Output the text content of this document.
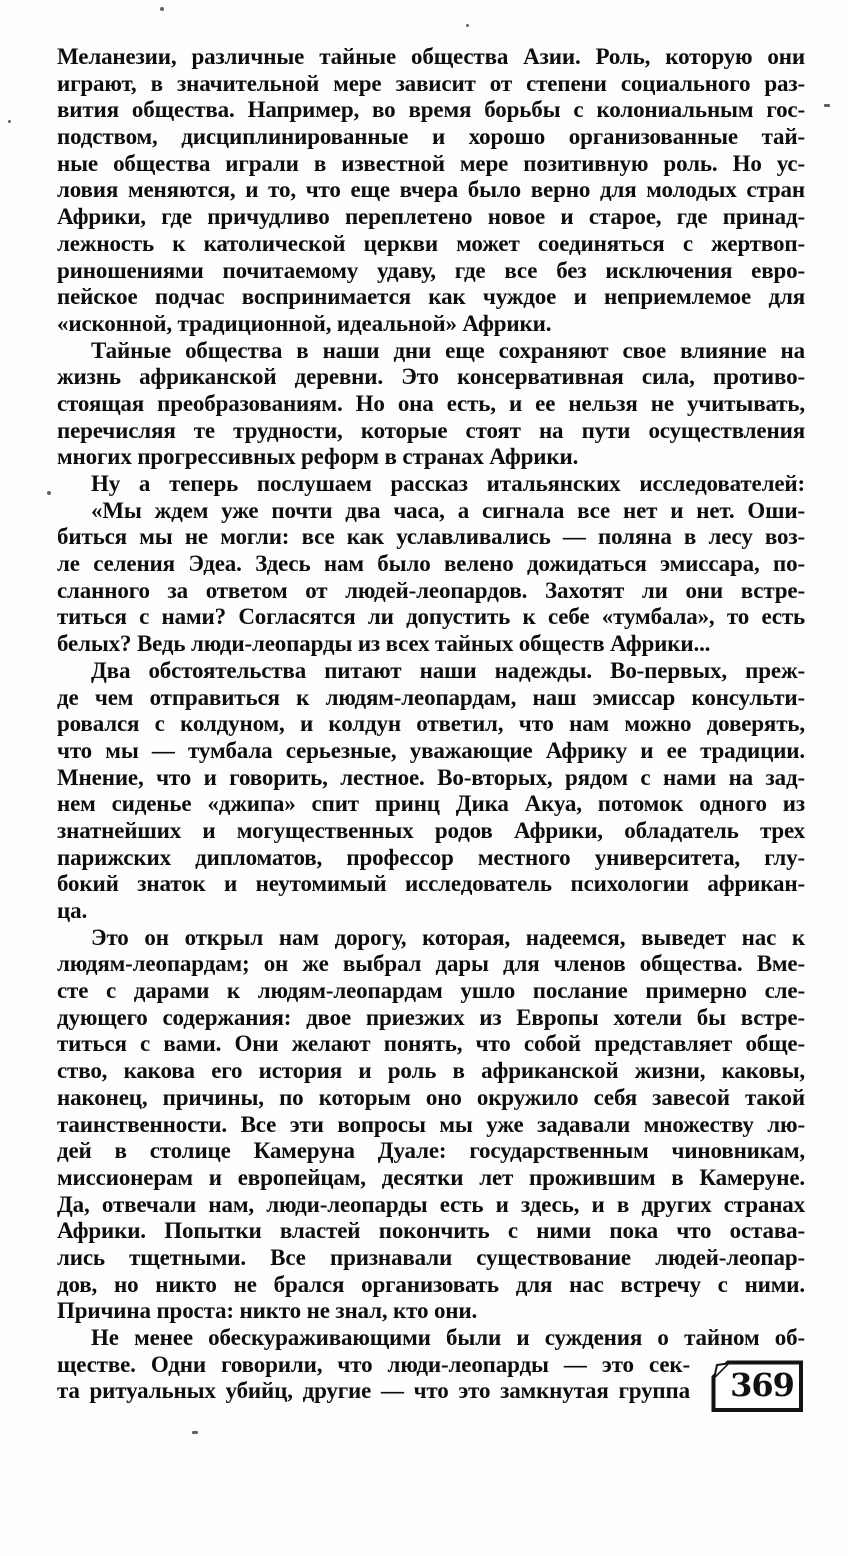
Меланезии, различные тайные общества Азии. Роль, которую они
играют, в значительной мере зависит от степени социального раз-
вития общества. Например, во время борьбы с колониальным гос-
подством, дисциплинированные и хорошо организованные тай-
ные общества играли в известной мере позитивную роль. Но ус-
ловия меняются, и то, что еще вчера было верно для молодых стран
Африки, где причудливо переплетено новое и старое, где принад-
лежность к католической церкви может соединяться с жертвоп-
риношениями почитаемому удаву, где все без исключения евро-
пейское подчас воспринимается как чуждое и неприемлемое для
«исконной, традиционной, идеальной» Африки.
Тайные общества в наши дни еще сохраняют свое влияние на
жизнь африканской деревни. Это консервативная сила, противо-
стоящая преобразованиям. Но она есть, и ее нельзя не учитывать,
перечисляя те трудности, которые стоят на пути осуществления
многих прогрессивных реформ в странах Африки.
Ну а теперь послушаем рассказ итальянских исследователей:
«Мы ждем уже почти два часа, а сигнала все нет и нет. Оши-
биться мы не могли: все как уславливались — поляна в лесу воз-
ле селения Эдеа. Здесь нам было велено дожидаться эмиссара, по-
сланного за ответом от людей-леопардов. Захотят ли они встре-
титься с нами? Согласятся ли допустить к себе «тумбала», то есть
белых? Ведь люди-леопарды из всех тайных обществ Африки...
Два обстоятельства питают наши надежды. Во-первых, преж-
де чем отправиться к людям-леопардам, наш эмиссар консульти-
ровался с колдуном, и колдун ответил, что нам можно доверять,
что мы — тумбала серьезные, уважающие Африку и ее традиции.
Мнение, что и говорить, лестное. Во-вторых, рядом с нами на зад-
нем сиденье «джипа» спит принц Дика Акуа, потомок одного из
знатнейших и могущественных родов Африки, обладатель трех
парижских дипломатов, профессор местного университета, глу-
бокий знаток и неутомимый исследователь психологии африкан-
ца.
Это он открыл нам дорогу, которая, надеемся, выведет нас к
людям-леопардам; он же выбрал дары для членов общества. Вме-
сте с дарами к людям-леопардам ушло послание примерно сле-
дующего содержания: двое приезжих из Европы хотели бы встре-
титься с вами. Они желают понять, что собой представляет обще-
ство, какова его история и роль в африканской жизни, каковы,
наконец, причины, по которым оно окружило себя завесой такой
таинственности. Все эти вопросы мы уже задавали множеству лю-
дей в столице Камеруна Дуале: государственным чиновникам,
миссионерам и европейцам, десятки лет прожившим в Камеруне.
Да, отвечали нам, люди-леопарды есть и здесь, и в других странах
Африки. Попытки властей покончить с ними пока что остава-
лись тщетными. Все признавали существование людей-леопар-
дов, но никто не брался организовать для нас встречу с ними.
Причина проста: никто не знал, кто они.
Не менее обескураживающими были и суждения о тайном об-
ществе. Одни говорили, что люди-леопарды — это сек-
та ритуальных убийц, другие — что это замкнутая группа 369
